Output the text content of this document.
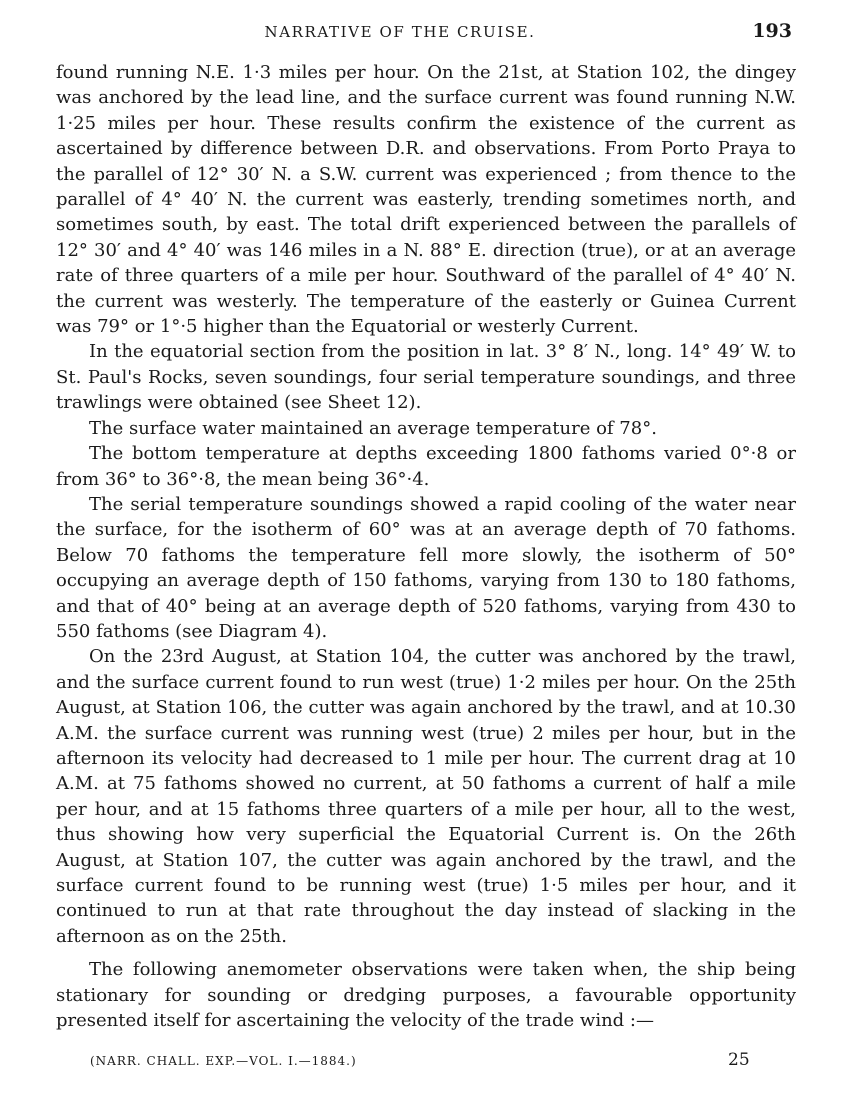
NARRATIVE OF THE CRUISE.	193

found running N.E. 1·3 miles per hour. On the 21st, at Station 102, the dingey was anchored by the lead line, and the surface current was found running N.W. 1·25 miles per hour. These results confirm the existence of the current as ascertained by difference between D.R. and observations. From Porto Praya to the parallel of 12° 30′ N. a S.W. current was experienced ; from thence to the parallel of 4° 40′ N. the current was easterly, trending sometimes north, and sometimes south, by east. The total drift experienced between the parallels of 12° 30′ and 4° 40′ was 146 miles in a N. 88° E. direction (true), or at an average rate of three quarters of a mile per hour. Southward of the parallel of 4° 40′ N. the current was westerly. The temperature of the easterly or Guinea Current was 79° or 1°·5 higher than the Equatorial or westerly Current.

In the equatorial section from the position in lat. 3° 8′ N., long. 14° 49′ W. to St. Paul's Rocks, seven soundings, four serial temperature soundings, and three trawlings were obtained (see Sheet 12).

The surface water maintained an average temperature of 78°.

The bottom temperature at depths exceeding 1800 fathoms varied 0°·8 or from 36° to 36°·8, the mean being 36°·4.

The serial temperature soundings showed a rapid cooling of the water near the surface, for the isotherm of 60° was at an average depth of 70 fathoms. Below 70 fathoms the temperature fell more slowly, the isotherm of 50° occupying an average depth of 150 fathoms, varying from 130 to 180 fathoms, and that of 40° being at an average depth of 520 fathoms, varying from 430 to 550 fathoms (see Diagram 4).

On the 23rd August, at Station 104, the cutter was anchored by the trawl, and the surface current found to run west (true) 1·2 miles per hour. On the 25th August, at Station 106, the cutter was again anchored by the trawl, and at 10.30 A.M. the surface current was running west (true) 2 miles per hour, but in the afternoon its velocity had decreased to 1 mile per hour. The current drag at 10 A.M. at 75 fathoms showed no current, at 50 fathoms a current of half a mile per hour, and at 15 fathoms three quarters of a mile per hour, all to the west, thus showing how very superficial the Equatorial Current is. On the 26th August, at Station 107, the cutter was again anchored by the trawl, and the surface current found to be running west (true) 1·5 miles per hour, and it continued to run at that rate throughout the day instead of slacking in the afternoon as on the 25th.

The following anemometer observations were taken when, the ship being stationary for sounding or dredging purposes, a favourable opportunity presented itself for ascertaining the velocity of the trade wind :—

(NARR. CHALL. EXP.—VOL. I.—1884.)	25
